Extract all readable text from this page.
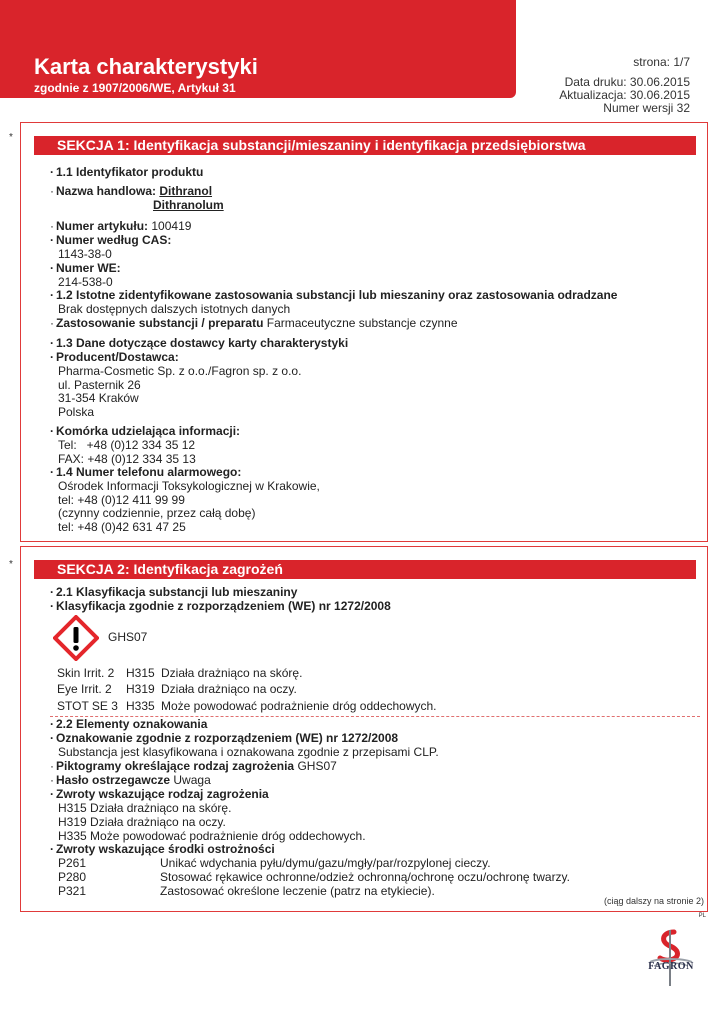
Karta charakterystyki
zgodnie z 1907/2006/WE, Artykuł 31
strona: 1/7
Data druku: 30.06.2015
Aktualizacja: 30.06.2015
Numer wersji 32
*	SEKCJA 1: Identyfikacja substancji/mieszaniny i identyfikacja przedsiębiorstwa
· 1.1 Identyfikator produktu
· Nazwa handlowa: Dithranol
Dithranolum
· Numer artykułu: 100419
· Numer według CAS:
1143-38-0
· Numer WE:
214-538-0
· 1.2 Istotne zidentyfikowane zastosowania substancji lub mieszaniny oraz zastosowania odradzane
Brak dostępnych dalszych istotnych danych
· Zastosowanie substancji / preparatu Farmaceutyczne substancje czynne
· 1.3 Dane dotyczące dostawcy karty charakterystyki
· Producent/Dostawca:
Pharma-Cosmetic Sp. z o.o./Fagron sp. z o.o.
ul. Pasternik 26
31-354 Kraków
Polska
· Komórka udzielająca informacji:
Tel:   +48 (0)12 334 35 12
FAX: +48 (0)12 334 35 13
· 1.4 Numer telefonu alarmowego:
Ośrodek Informacji Toksykologicznej w Krakowie,
tel: +48 (0)12 411 99 99
(czynny codziennie, przez całą dobę)
tel: +48 (0)42 631 47 25
*	SEKCJA 2: Identyfikacja zagrożeń
· 2.1 Klasyfikacja substancji lub mieszaniny
· Klasyfikacja zgodnie z rozporządzeniem (WE) nr 1272/2008
GHS07
Skin Irrit. 2 H315 Działa drażniąco na skórę.
Eye Irrit. 2 H319 Działa drażniąco na oczy.
STOT SE 3 H335 Może powodować podrażnienie dróg oddechowych.
· 2.2 Elementy oznakowania
· Oznakowanie zgodnie z rozporządzeniem (WE) nr 1272/2008
Substancja jest klasyfikowana i oznakowana zgodnie z przepisami CLP.
· Piktogramy określające rodzaj zagrożenia GHS07
· Hasło ostrzegawcze Uwaga
· Zwroty wskazujące rodzaj zagrożenia
H315 Działa drażniąco na skórę.
H319 Działa drażniąco na oczy.
H335 Może powodować podrażnienie dróg oddechowych.
· Zwroty wskazujące środki ostrożności
P261	Unikać wdychania pyłu/dymu/gazu/mgły/par/rozpylonej cieczy.
P280	Stosować rękawice ochronne/odzież ochronną/ochronę oczu/ochronę twarzy.
P321	Zastosować określone leczenie (patrz na etykiecie).
(ciąg dalszy na stronie 2)
PL
FAGRON
